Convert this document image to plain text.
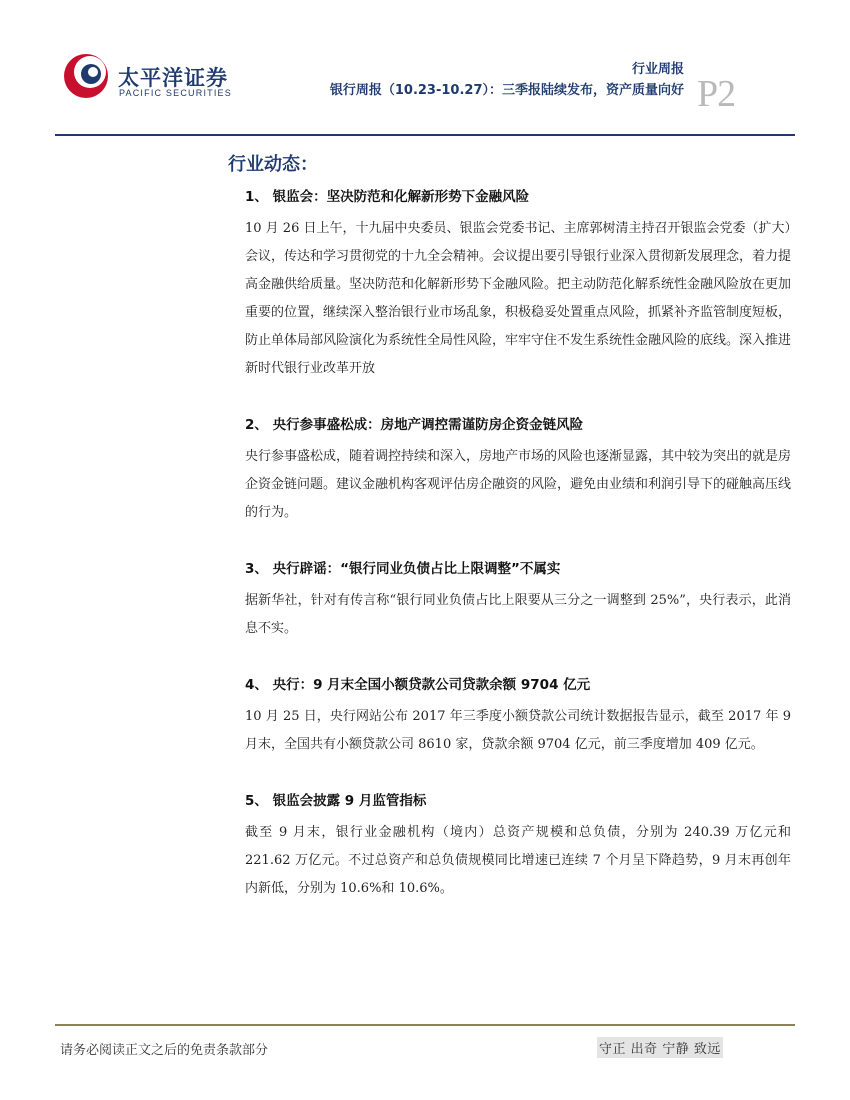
太平洋证券
PACIFIC SECURITIES
行业周报
银行周报（10.23-10.27）：三季报陆续发布，资产质量向好 P2
行业动态：

1、 银监会：坚决防范和化解新形势下金融风险

10 月 26 日上午，十九届中央委员、银监会党委书记、主席郭树清主持召开银监会党委（扩大）会议，传达和学习贯彻党的十九全会精神。会议提出要引导银行业深入贯彻新发展理念，着力提高金融供给质量。坚决防范和化解新形势下金融风险。把主动防范化解系统性金融风险放在更加重要的位置，继续深入整治银行业市场乱象，积极稳妥处置重点风险，抓紧补齐监管制度短板，防止单体局部风险演化为系统性全局性风险，牢牢守住不发生系统性金融风险的底线。深入推进新时代银行业改革开放

2、 央行参事盛松成：房地产调控需谨防房企资金链风险

央行参事盛松成，随着调控持续和深入，房地产市场的风险也逐渐显露，其中较为突出的就是房企资金链问题。建议金融机构客观评估房企融资的风险，避免由业绩和利润引导下的碰触高压线的行为。

3、 央行辟谣：“银行同业负债占比上限调整”不属实

据新华社，针对有传言称“银行同业负债占比上限要从三分之一调整到 25%”，央行表示，此消息不实。

4、 央行：9 月末全国小额贷款公司贷款余额 9704 亿元

10 月 25 日，央行网站公布 2017 年三季度小额贷款公司统计数据报告显示，截至 2017 年 9 月末，全国共有小额贷款公司 8610 家，贷款余额 9704 亿元，前三季度增加 409 亿元。

5、 银监会披露 9 月监管指标

截至 9 月末，银行业金融机构（境内）总资产规模和总负债，分别为 240.39 万亿元和 221.62 万亿元。不过总资产和总负债规模同比增速已连续 7 个月呈下降趋势，9 月末再创年内新低，分别为 10.6%和 10.6%。

请务必阅读正文之后的免责条款部分	守正 出奇 宁静 致远
